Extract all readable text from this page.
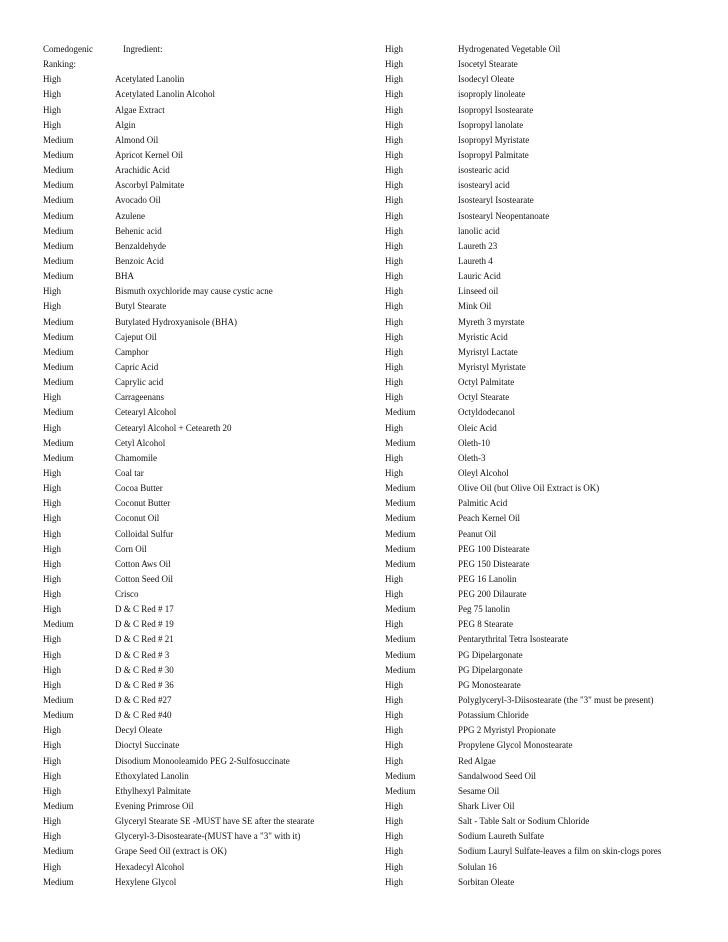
Comedogenic	Ingredient:
Ranking:
High	Acetylated Lanolin
High	Acetylated Lanolin Alcohol
High	Algae Extract
High	Algin
Medium	Almond Oil
Medium	Apricot Kernel Oil
Medium	Arachidic Acid
Medium	Ascorbyl Palmitate
Medium	Avocado Oil
Medium	Azulene
Medium	Behenic acid
Medium	Benzaldehyde
Medium	Benzoic Acid
Medium	BHA
High	Bismuth oxychloride may cause cystic acne
High	Butyl Stearate
Medium	Butylated Hydroxyanisole (BHA)
Medium	Cajeput Oil
Medium	Camphor
Medium	Capric Acid
Medium	Caprylic acid
High	Carrageenans
Medium	Cetearyl Alcohol
High	Cetearyl Alcohol + Ceteareth 20
Medium	Cetyl Alcohol
Medium	Chamomile
High	Coal tar
High	Cocoa Butter
High	Coconut Butter
High	Coconut Oil
High	Colloidal Sulfur
High	Corn Oil
High	Cotton Aws Oil
High	Cotton Seed Oil
High	Crisco
High	D & C Red # 17
Medium	D & C Red # 19
High	D & C Red # 21
High	D & C Red # 3
High	D & C Red # 30
High	D & C Red # 36
Medium	D & C Red #27
Medium	D & C Red #40
High	Decyl Oleate
High	Dioctyl Succinate
High	Disodium Monooleamido PEG 2-Sulfosuccinate
High	Ethoxylated Lanolin
High	Ethylhexyl Palmitate
Medium	Evening Primrose Oil
High	Glyceryl Stearate SE -MUST have SE after the stearate
High	Glyceryl-3-Disostearate-(MUST have a "3" with it)
Medium	Grape Seed Oil (extract is OK)
High	Hexadecyl Alcohol
Medium	Hexylene Glycol
High	Hydrogenated Vegetable Oil
High	Isocetyl Stearate
High	Isodecyl Oleate
High	isoproply linoleate
High	Isopropyl Isostearate
High	Isopropyl lanolate
High	Isopropyl Myristate
High	Isopropyl Palmitate
High	isostearic acid
High	isostearyl acid
High	Isostearyl Isostearate
High	Isostearyl Neopentanoate
High	lanolic acid
High	Laureth 23
High	Laureth 4
High	Lauric Acid
High	Linseed oil
High	Mink Oil
High	Myreth 3 myrstate
High	Myristic Acid
High	Myristyl Lactate
High	Myristyl Myristate
High	Octyl Palmitate
High	Octyl Stearate
Medium	Octyldodecanol
High	Oleic Acid
Medium	Oleth-10
High	Oleth-3
High	Oleyl Alcohol
Medium	Olive Oil (but Olive Oil Extract is OK)
Medium	Palmitic Acid
Medium	Peach Kernel Oil
Medium	Peanut Oil
Medium	PEG 100 Distearate
Medium	PEG 150 Distearate
High	PEG 16 Lanolin
High	PEG 200 Dilaurate
Medium	Peg 75 lanolin
High	PEG 8 Stearate
Medium	Pentarythrital Tetra Isostearate
Medium	PG Dipelargonate
Medium	PG Dipelargonate
High	PG Monostearate
High	Polyglyceryl-3-Diisostearate (the "3" must be present)
High	Potassium Chloride
High	PPG 2 Myristyl Propionate
High	Propylene Glycol Monostearate
High	Red Algae
Medium	Sandalwood Seed Oil
Medium	Sesame Oil
High	Shark Liver Oil
High	Salt - Table Salt or Sodium Chloride
High	Sodium Laureth Sulfate
High	Sodium Lauryl Sulfate-leaves a film on skin-clogs pores
High	Solulan 16
High	Sorbitan Oleate
